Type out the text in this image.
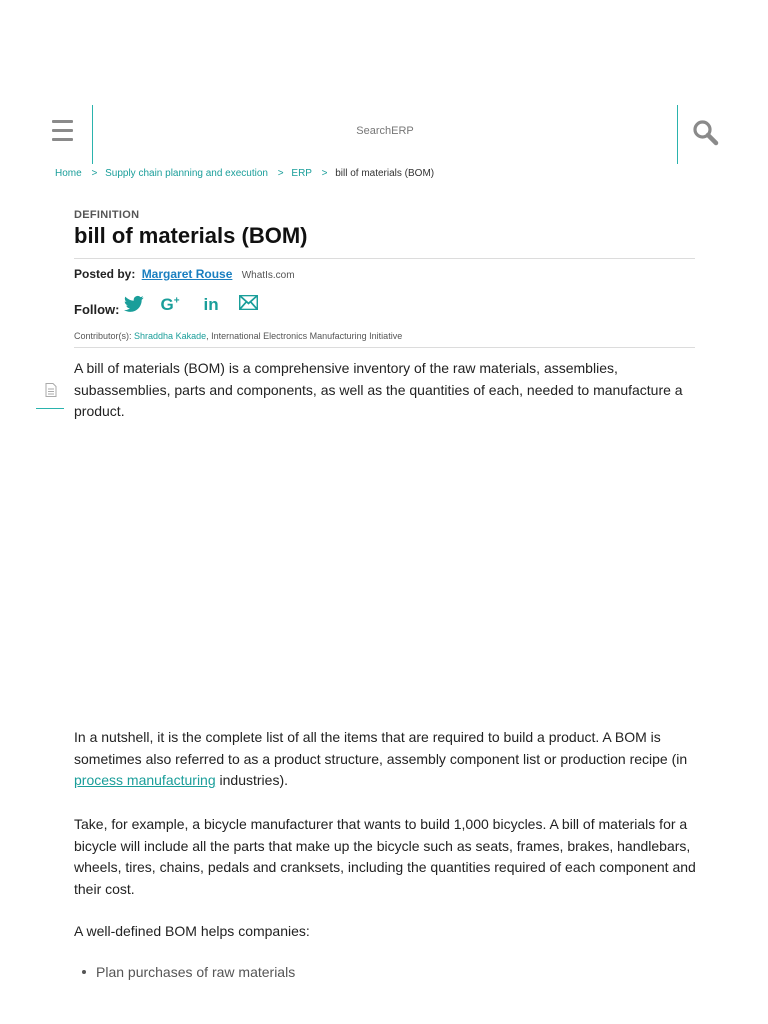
SearchERP
Home > Supply chain planning and execution > ERP > bill of materials (BOM)
DEFINITION
bill of materials (BOM)
Posted by: Margaret Rouse WhatIs.com
Follow: G+	in
Contributor(s): Shraddha Kakade, International Electronics Manufacturing Initiative

A bill of materials (BOM) is a comprehensive inventory of the raw materials, assemblies, subassemblies, parts and components, as well as the quantities of each, needed to manufacture a product.

In a nutshell, it is the complete list of all the items that are required to build a product. A BOM is sometimes also referred to as a product structure, assembly component list or production recipe (in process manufacturing industries).

Take, for example, a bicycle manufacturer that wants to build 1,000 bicycles. A bill of materials for a bicycle will include all the parts that make up the bicycle such as seats, frames, brakes, handlebars, wheels, tires, chains, pedals and cranksets, including the quantities required of each component and their cost.

A well-defined BOM helps companies:

Plan purchases of raw materials
